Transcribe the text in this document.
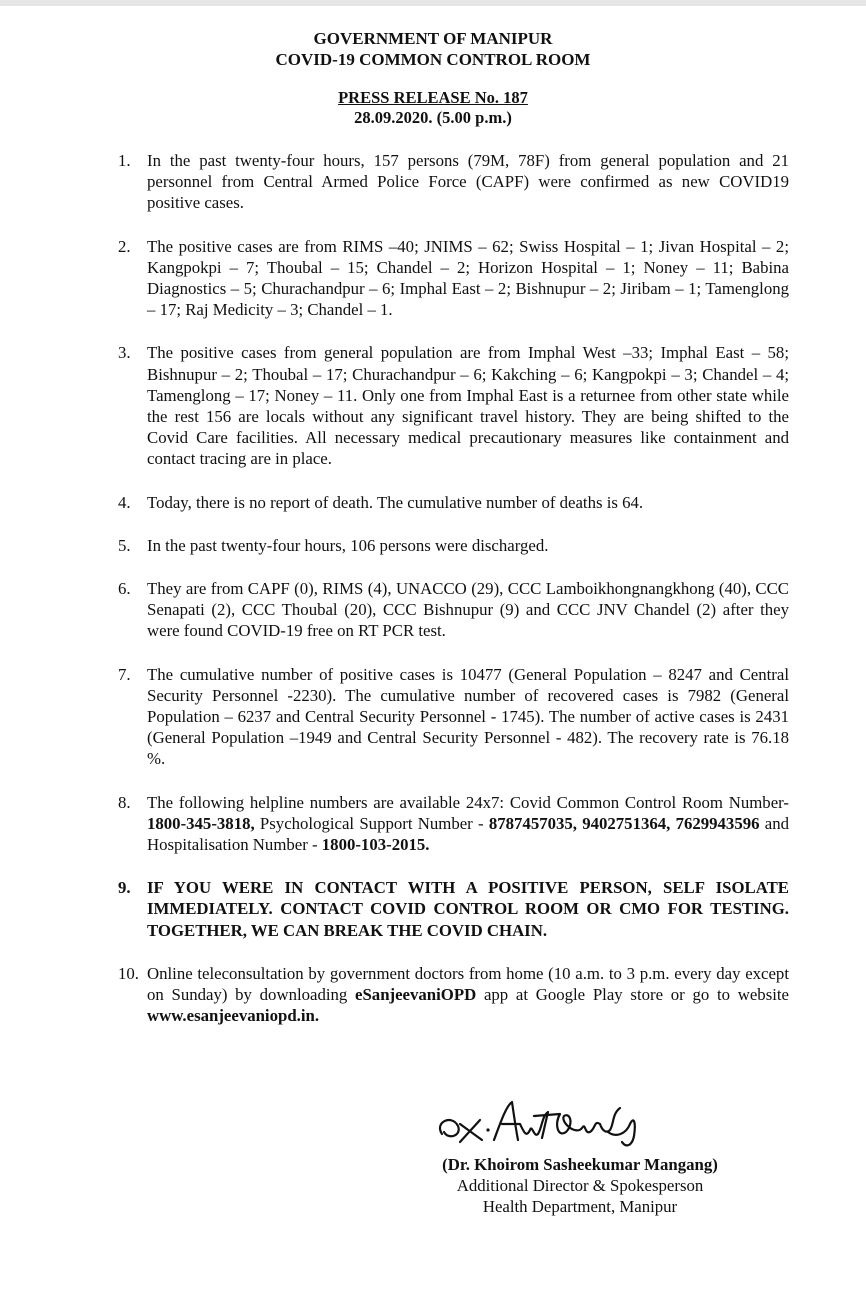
GOVERNMENT OF MANIPUR
COVID-19 COMMON CONTROL ROOM
PRESS RELEASE No. 187
28.09.2020. (5.00 p.m.)
1. In the past twenty-four hours, 157 persons (79M, 78F) from general population and 21 personnel from Central Armed Police Force (CAPF) were confirmed as new COVID19 positive cases.
2. The positive cases are from RIMS –40; JNIMS – 62; Swiss Hospital – 1; Jivan Hospital – 2; Kangpokpi – 7; Thoubal – 15; Chandel – 2; Horizon Hospital – 1; Noney – 11; Babina Diagnostics – 5; Churachandpur – 6; Imphal East – 2; Bishnupur – 2; Jiribam – 1; Tamenglong – 17; Raj Medicity – 3; Chandel – 1.
3. The positive cases from general population are from Imphal West –33; Imphal East – 58; Bishnupur – 2; Thoubal – 17; Churachandpur – 6; Kakching – 6; Kangpokpi – 3; Chandel – 4; Tamenglong – 17; Noney – 11. Only one from Imphal East is a returnee from other state while the rest 156 are locals without any significant travel history. They are being shifted to the Covid Care facilities. All necessary medical precautionary measures like containment and contact tracing are in place.
4. Today, there is no report of death. The cumulative number of deaths is 64.
5. In the past twenty-four hours, 106 persons were discharged.
6. They are from CAPF (0), RIMS (4), UNACCO (29), CCC Lamboikhongnangkhong (40), CCC Senapati (2), CCC Thoubal (20), CCC Bishnupur (9) and CCC JNV Chandel (2) after they were found COVID-19 free on RT PCR test.
7. The cumulative number of positive cases is 10477 (General Population – 8247 and Central Security Personnel -2230). The cumulative number of recovered cases is 7982 (General Population – 6237 and Central Security Personnel - 1745). The number of active cases is 2431 (General Population –1949 and Central Security Personnel - 482). The recovery rate is 76.18 %.
8. The following helpline numbers are available 24x7: Covid Common Control Room Number-1800-345-3818, Psychological Support Number - 8787457035, 9402751364, 7629943596 and Hospitalisation Number - 1800-103-2015.
9. IF YOU WERE IN CONTACT WITH A POSITIVE PERSON, SELF ISOLATE IMMEDIATELY. CONTACT COVID CONTROL ROOM OR CMO FOR TESTING. TOGETHER, WE CAN BREAK THE COVID CHAIN.
10. Online teleconsultation by government doctors from home (10 a.m. to 3 p.m. every day except on Sunday) by downloading eSanjeevaniOPD app at Google Play store or go to website www.esanjeevaniopd.in.
(Dr. Khoirom Sasheekumar Mangang)
Additional Director & Spokesperson
Health Department, Manipur
